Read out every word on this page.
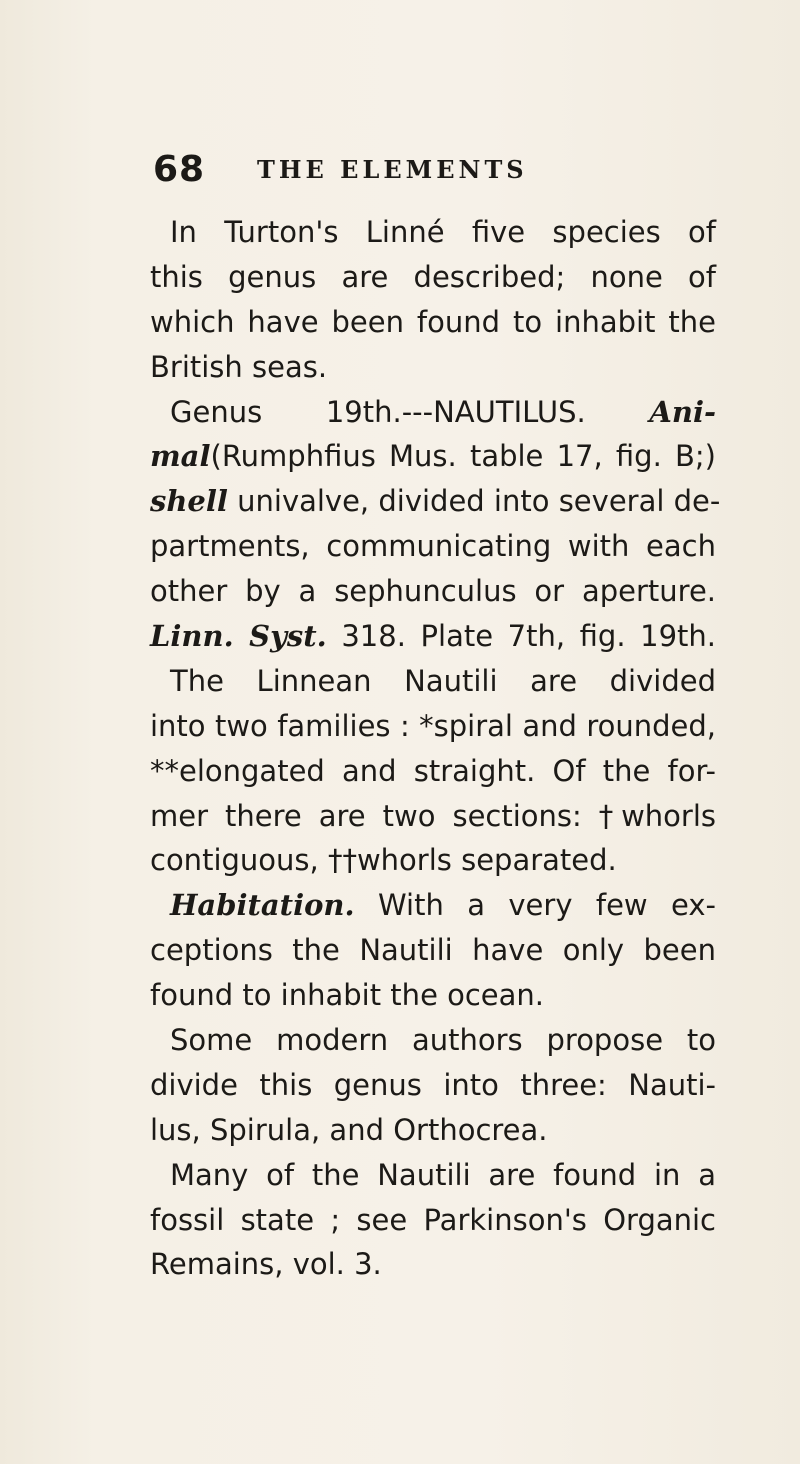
68 THE ELEMENTS
In Turton's Linné five species of
this genus are described; none of
which have been found to inhabit the
British seas.
Genus 19th.---NAUTILUS. Ani-
mal(Rumphfius Mus. table 17, fig. B;)
shell univalve, divided into several de-
partments, communicating with each
other by a sephunculus or aperture.
Linn. Syst. 318. Plate 7th, fig. 19th.
The Linnean Nautili are divided
into two families : *spiral and rounded,
**elongated and straight. Of the for-
mer there are two sections: †whorls
contiguous, ††whorls separated.
Habitation. With a very few ex-
ceptions the Nautili have only been
found to inhabit the ocean.
Some modern authors propose to
divide this genus into three: Nauti-
lus, Spirula, and Orthocrea.
Many of the Nautili are found in a
fossil state ; see Parkinson's Organic
Remains, vol. 3.
